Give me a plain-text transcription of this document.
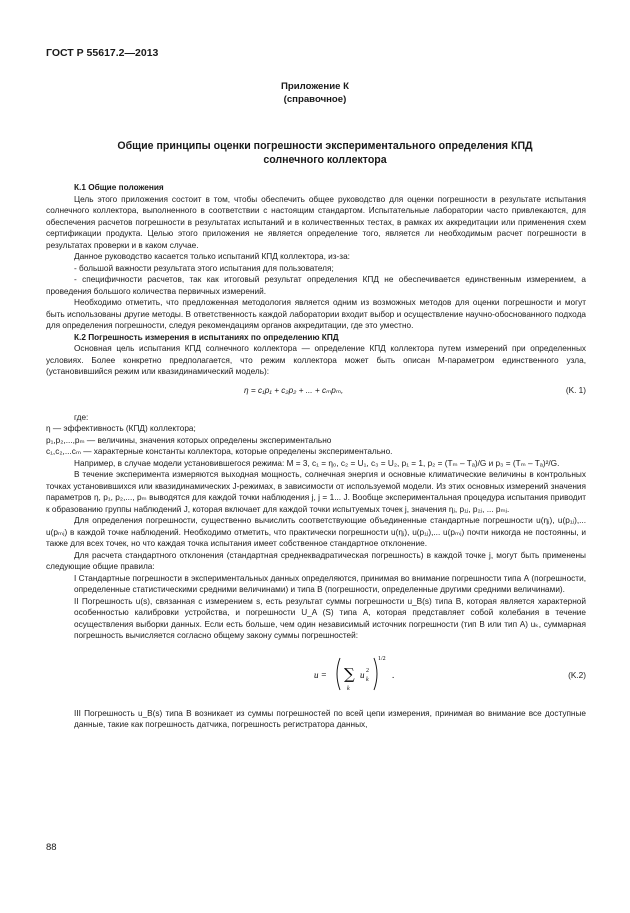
ГОСТ Р 55617.2—2013
Приложение К
(справочное)
Общие принципы оценки погрешности экспериментального определения КПД
солнечного коллектора

К.1 Общие положения

Цель этого приложения состоит в том, чтобы обеспечить общее руководство для оценки погрешности в результате испытания солнечного коллектора, выполненного в соответствии с настоящим стандартом. Испытательные лаборатории часто привлекаются, для обеспечения расчетов погрешности в результатах испытаний и в количественных тестах, в рамках их аккредитации или применения схем сертификации продукта. Целью этого приложения не является определение того, является ли необходимым расчет погрешности в результатах проверки и в каком случае.

Данное руководство касается только испытаний КПД коллектора, из-за:

- большой важности результата этого испытания для пользователя;

- специфичности расчетов, так как итоговый результат определения КПД не обеспечивается единственным измерением, а проведения большого количества первичных измерений.

Необходимо отметить, что предложенная методология является одним из возможных методов для оценки погрешности и могут быть использованы другие методы. В ответственность каждой лаборатории входит выбор и осуществление научно-обоснованного подхода для определения погрешности, следуя рекомендациям органов аккредитации, где это уместно.

К.2 Погрешность измерения в испытаниях по определению КПД

Основная цель испытания КПД солнечного коллектора — определение КПД коллектора путем измерений при определенных условиях. Более конкретно предполагается, что режим коллектора может быть описан M-параметром единственного узла, (установившийся режим или квазидинамический модель):

η = c₁p₁ + c₂p₂ + ... + cₘpₘ,	(K. 1)

где:

η — эффективность (КПД) коллектора;

p₁,p₂,...,pₘ — величины, значения которых определены экспериментально

c₁,c₂,...cₘ — характерные константы коллектора, которые определены экспериментально.

Например, в случае модели установившегося режима: M = 3, c₁ = η₀, c₂ = U₁, c₃ = U₂, p₁ = 1, p₂ = (Tₘ – Tₐ)/G и p₃ = (Tₘ – Tₐ)²/G.

В течение эксперимента измеряются выходная мощность, солнечная энергия и основные климатические величины в контрольных точках установившихся или квазидинамических J-режимах, в зависимости от используемой модели. Из этих основных измерений значения параметров η, p₁, p₂,..., pₘ выводятся для каждой точки наблюдения j, j = 1... J. Вообще экспериментальная процедура испытания приводит к образованию группы наблюдений J, которая включает для каждой точки испытуемых точек j, значения ηⱼ, p₁ⱼ, p₂ⱼ, ... pₘⱼ.

Для определения погрешности, существенно вычислить соответствующие объединенные стандартные погрешности u(ηⱼ), u(p₁ⱼ),... u(pₘⱼ) в каждой точке наблюдений. Необходимо отметить, что практически погрешности u(ηⱼ), u(p₁ⱼ),... u(pₘⱼ) почти никогда не постоянны, и также для всех точек, но что каждая точка испытания имеет собственное стандартное отклонение.

Для расчета стандартного отклонения (стандартная среднеквадратическая погрешность) в каждой точке j, могут быть применены следующие общие правила:

I Стандартные погрешности в экспериментальных данных определяются, принимая во внимание погрешности типа А (погрешности, определенные статистическими средними величинами) и типа В (погрешности, определенные другими средними величинами).

II Погрешность u(s), связанная с измерением s, есть результат суммы погрешности u_B(s) типа В, которая является характерной особенностью калибровки устройства, и погрешности U_A (S) типа А, которая представляет собой колебания в течение осуществления выборки данных. Если есть больше, чем один независимый источник погрешности (тип В или тип А) uₖ, суммарная погрешность вычисляется согласно общему закону суммы погрешностей:

u = ∑
k
u k
2
1/2
.	(K.2)

III Погрешность u_B(s) типа В возникает из суммы погрешностей по всей цепи измерения, принимая во внимание все доступные данные, такие как погрешность датчика, погрешность регистратора данных,

88
